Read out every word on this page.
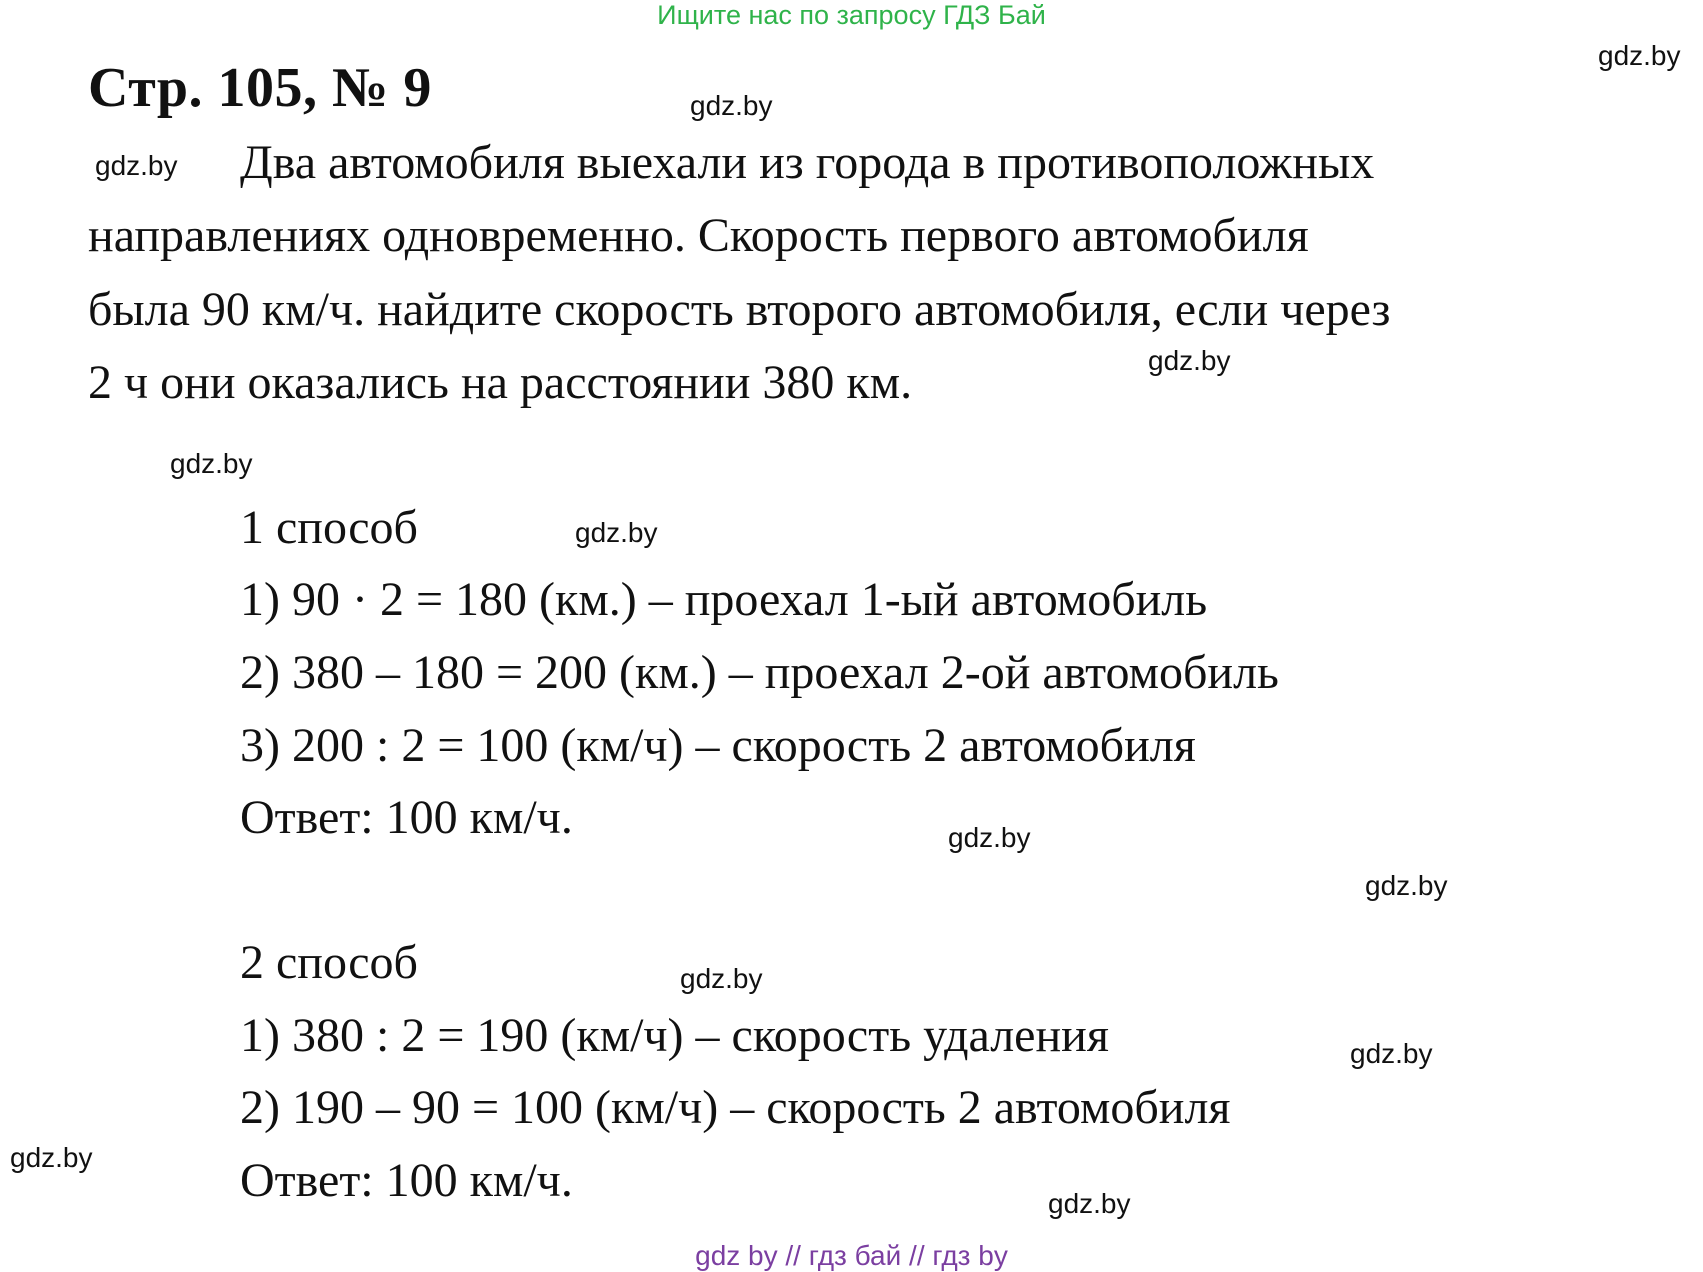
Ищите нас по запросу ГДЗ Бай
gdz.by
Стр. 105, № 9	gdz.by
gdz.by Два автомобиля выехали из города в противоположных
направлениях одновременно. Скорость первого автомобиля
была 90 км/ч. найдите скорость второго автомобиля, если через
2 ч они оказались на расстоянии 380 км.	gdz.by
gdz.by
1 способ	gdz.by
1) 90 · 2 = 180 (км.) – проехал 1-ый автомобиль
2) 380 – 180 = 200 (км.) – проехал 2-ой автомобиль
3) 200 : 2 = 100 (км/ч) – скорость 2 автомобиля
Ответ: 100 км/ч.	gdz.by
gdz.by
2 способ	gdz.by
1) 380 : 2 = 190 (км/ч) – скорость удаления	gdz.by
2) 190 – 90 = 100 (км/ч) – скорость 2 автомобиля
gdz.by	Ответ: 100 км/ч.	gdz.by
gdz by // гдз бай // гдз by
